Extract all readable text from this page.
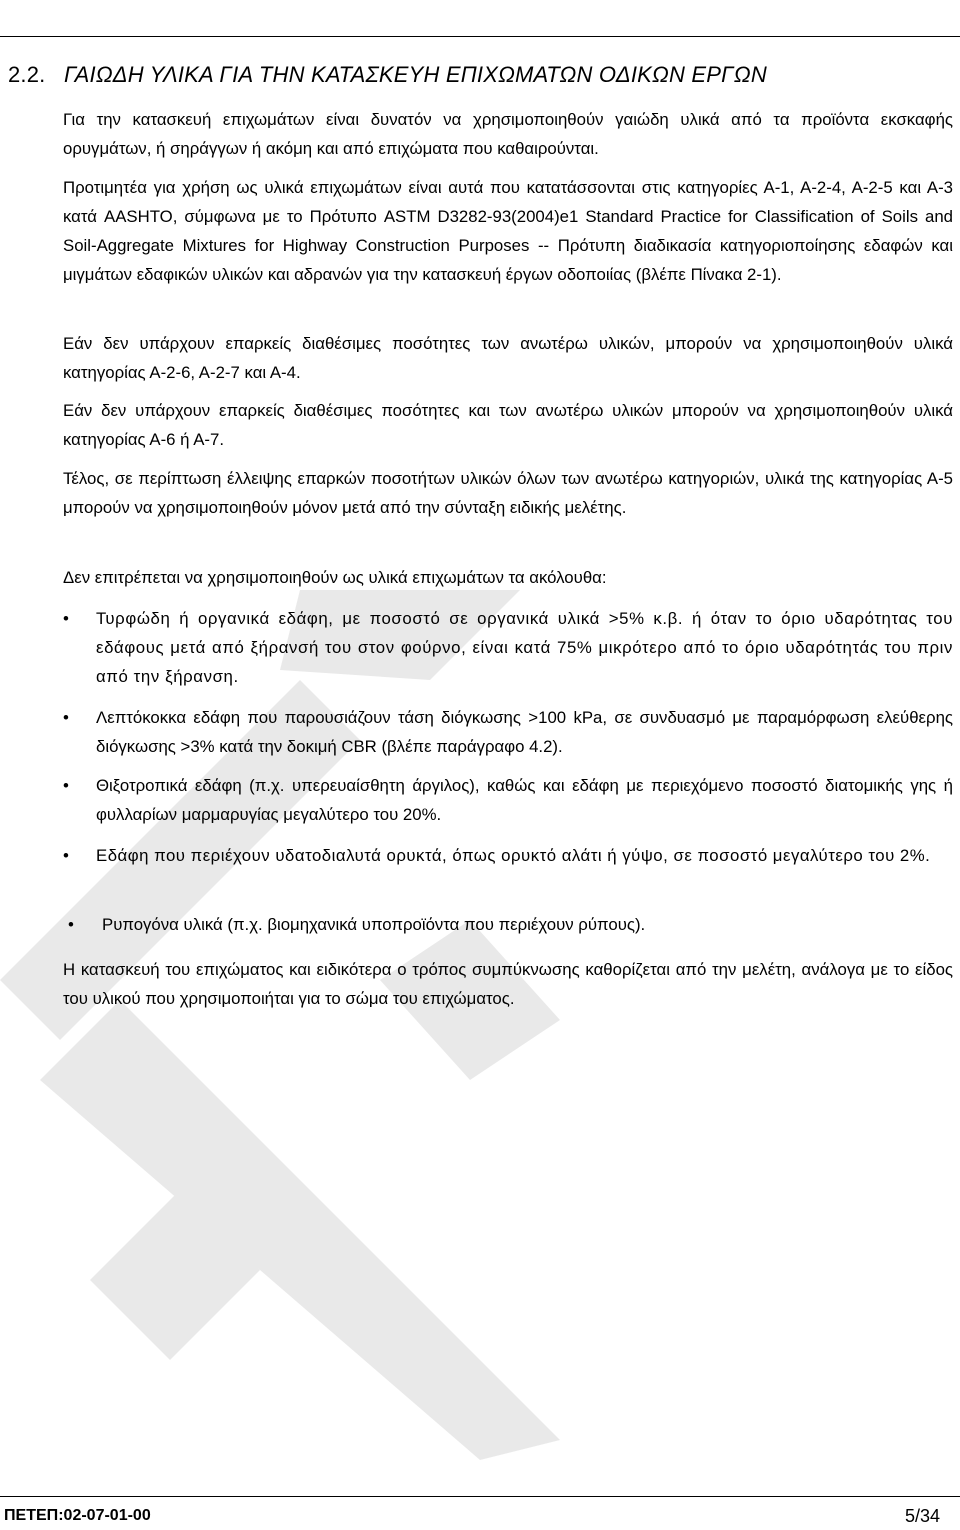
2.2. ΓΑΙΩΔΗ ΥΛΙΚΑ ΓΙΑ ΤΗΝ ΚΑΤΑΣΚΕΥΗ ΕΠΙΧΩΜΑΤΩΝ ΟΔΙΚΩΝ ΕΡΓΩΝ

Για την κατασκευή επιχωμάτων είναι δυνατόν να χρησιμοποιηθούν γαιώδη υλικά από τα προϊόντα εκσκαφής ορυγμάτων, ή σηράγγων ή ακόμη και από επιχώματα που καθαιρούνται.

Προτιμητέα για χρήση ως υλικά επιχωμάτων είναι αυτά που κατατάσσονται στις κατηγορίες Α-1, Α-2-4, Α-2-5 και Α-3 κατά AASHTO, σύμφωνα με το Πρότυπο ASTM D3282-93(2004)e1 Standard Practice for Classification of Soils and Soil-Aggregate Mixtures for Highway Construction Purposes -- Πρότυπη διαδικασία κατηγοριοποίησης εδαφών και μιγμάτων εδαφικών υλικών και αδρανών για την κατασκευή έργων οδοποιίας (βλέπε Πίνακα 2-1).

Εάν δεν υπάρχουν επαρκείς διαθέσιμες ποσότητες των ανωτέρω υλικών, μπορούν να χρησιμοποιηθούν υλικά κατηγορίας Α-2-6, Α-2-7 και Α-4.

Εάν δεν υπάρχουν επαρκείς διαθέσιμες ποσότητες και των ανωτέρω υλικών μπορούν να χρησιμοποιηθούν υλικά κατηγορίας Α-6 ή Α-7.

Τέλος, σε περίπτωση έλλειψης επαρκών ποσοτήτων υλικών όλων των ανωτέρω κατηγοριών, υλικά της κατηγορίας Α-5 μπορούν να χρησιμοποιηθούν μόνον μετά από την σύνταξη ειδικής μελέτης.

Δεν επιτρέπεται να χρησιμοποιηθούν ως υλικά επιχωμάτων τα ακόλουθα:

•	Τυρφώδη ή οργανικά εδάφη, με ποσοστό σε οργανικά υλικά >5% κ.β. ή όταν το όριο υδαρότητας του εδάφους μετά από ξήρανσή του στον φούρνο, είναι κατά 75% μικρότερο από το όριο υδαρότητάς του πριν από την ξήρανση.

•	Λεπτόκοκκα εδάφη που παρουσιάζουν τάση διόγκωσης >100 kPa, σε συνδυασμό με παραμόρφωση ελεύθερης διόγκωσης >3% κατά την δοκιμή CBR (βλέπε παράγραφο 4.2).

•	Θιξοτροπικά εδάφη (π.χ. υπερευαίσθητη άργιλος), καθώς και εδάφη με περιεχόμενο ποσοστό διατομικής γης ή φυλλαρίων μαρμαρυγίας μεγαλύτερο του 20%.

•	Εδάφη που περιέχουν υδατοδιαλυτά ορυκτά, όπως ορυκτό αλάτι ή γύψο, σε ποσοστό μεγαλύτερο του 2%.

•	Ρυπογόνα υλικά (π.χ. βιομηχανικά υποπροϊόντα που περιέχουν ρύπους).

Η κατασκευή του επιχώματος και ειδικότερα ο τρόπος συμπύκνωσης καθορίζεται από την μελέτη, ανάλογα με το είδος του υλικού που χρησιμοποιήται για το σώμα του επιχώματος.

ΠΕΤΕΠ:02-07-01-00	5/34
